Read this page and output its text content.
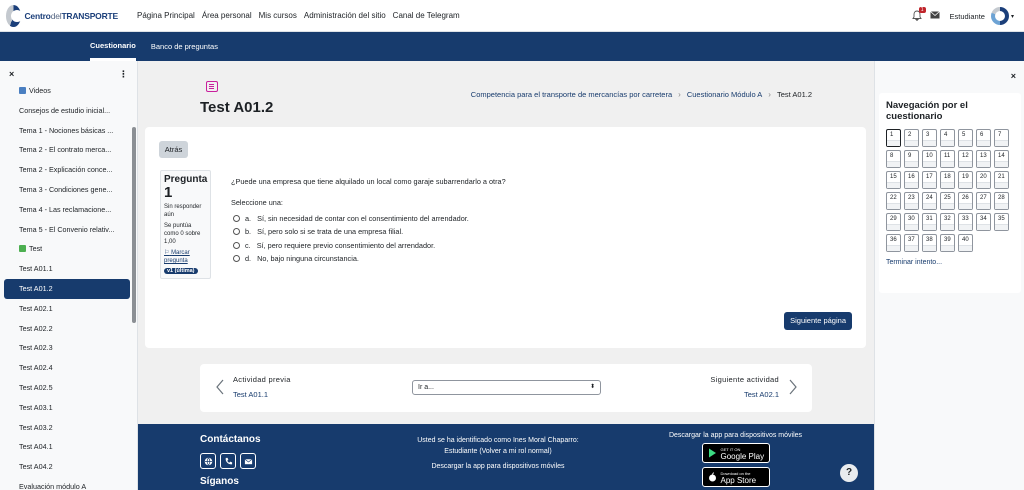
CentrodelTRANSPORTE Página Principal Área personal Mis cursos Administración del sitio Canal de Telegram
1
Estudiante	▾
Cuestionario Banco de preguntas
×	⋮
Videos
Consejos de estudio inicial...
Tema 1 - Nociones básicas ...
Tema 2 - El contrato merca...
Tema 2 - Explicación conce...
Tema 3 - Condiciones gene...
Tema 4 - Las reclamacione...
Tema 5 - El Convenio relativ...
Test
Test A01.1
Test A01.2
Test A02.1
Test A02.2
Test A02.3
Test A02.4
Test A02.5
Test A03.1
Test A03.2
Test A04.1
Test A04.2
Evaluación módulo A
Test A01.2
Competencia para el transporte de mercancías por carretera › Cuestionario Módulo A › Test A01.2
Atrás
Pregunta
1
Sin responder aún
Se puntúa como 0 sobre 1,00
⚐ Marcar pregunta
v1 (última)
¿Puede una empresa que tiene alquilado un local como garaje subarrendarlo a otra?
Seleccione una:
a. Sí, sin necesidad de contar con el consentimiento del arrendador.
b. Sí, pero solo si se trata de una empresa filial.
c. Sí, pero requiere previo consentimiento del arrendador.
d. No, bajo ninguna circunstancia.
Siguiente página
Actividad previa
Test A01.1
Ir a...	⬍
Siguiente actividad
Test A02.1
Contáctanos
Síganos
Usted se ha identificado como Ines Moral Chaparro:
Estudiante (Volver a mi rol normal)
Descargar la app para dispositivos móviles
Descargar la app para dispositivos móviles
GET IT ON
Google Play
Download on the
App Store
?
×
Navegación por el cuestionario
1	2	3	4	5	6	7
8	9	10	11	12	13	14
15	16	17	18	19	20	21
22	23	24	25	26	27	28
29	30	31	32	33	34	35
36	37	38	39	40
Terminar intento...
